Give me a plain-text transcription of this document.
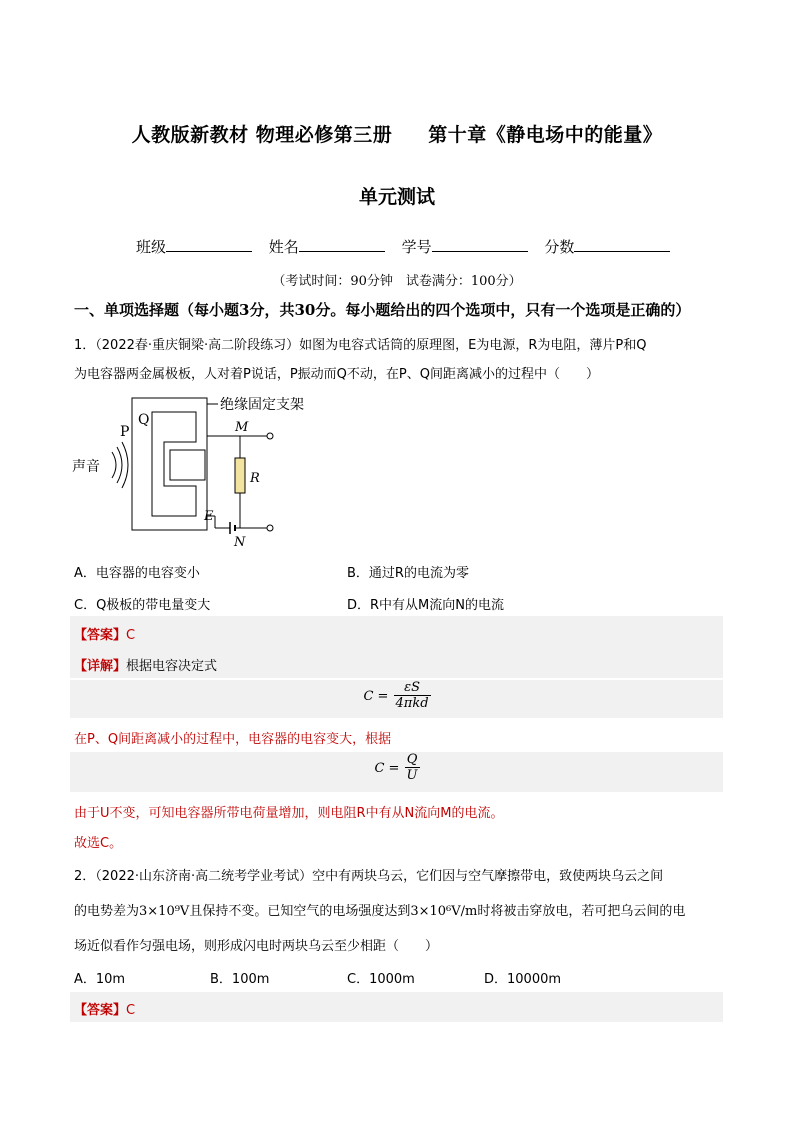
人教版新教材 物理必修第三册 第十章《静电场中的能量》
单元测试
班级	姓名	学号	分数
（考试时间：90分钟　试卷满分：100分）
一、单项选择题（每小题3分，共30分。每小题给出的四个选项中，只有一个选项是正确的）
1．（2022春·重庆铜梁·高二阶段练习）如图为电容式话筒的原理图，E为电源，R为电阻，薄片P和Q
为电容器两金属极板，人对着P说话，P振动而Q不动，在P、Q间距离减小的过程中（　　）
绝缘固定支架
P
Q
声音
M
N
R
E
A．电容器的电容变小	B．通过R的电流为零
C．Q极板的带电量变大	D．R中有从M流向N的电流
【答案】C
【详解】根据电容决定式
$C = \frac{\varepsilon S}{\text{4πkd}}$
在P、Q间距离减小的过程中，电容器的电容变大，根据
$C = \frac{Q}{U}$
由于U不变，可知电容器所带电荷量增加，则电阻R中有从N流向M的电流。
故选C。
2．（2022·山东济南·高二统考学业考试）空中有两块乌云，它们因与空气摩擦带电，致使两块乌云之间
的电势差为3×10⁹V且保持不变。已知空气的电场强度达到3×10⁶V/m时将被击穿放电，若可把乌云间的电
场近似看作匀强电场，则形成闪电时两块乌云至少相距（　　）
A．10m	B．100m	C．1000m	D．10000m
【答案】C
